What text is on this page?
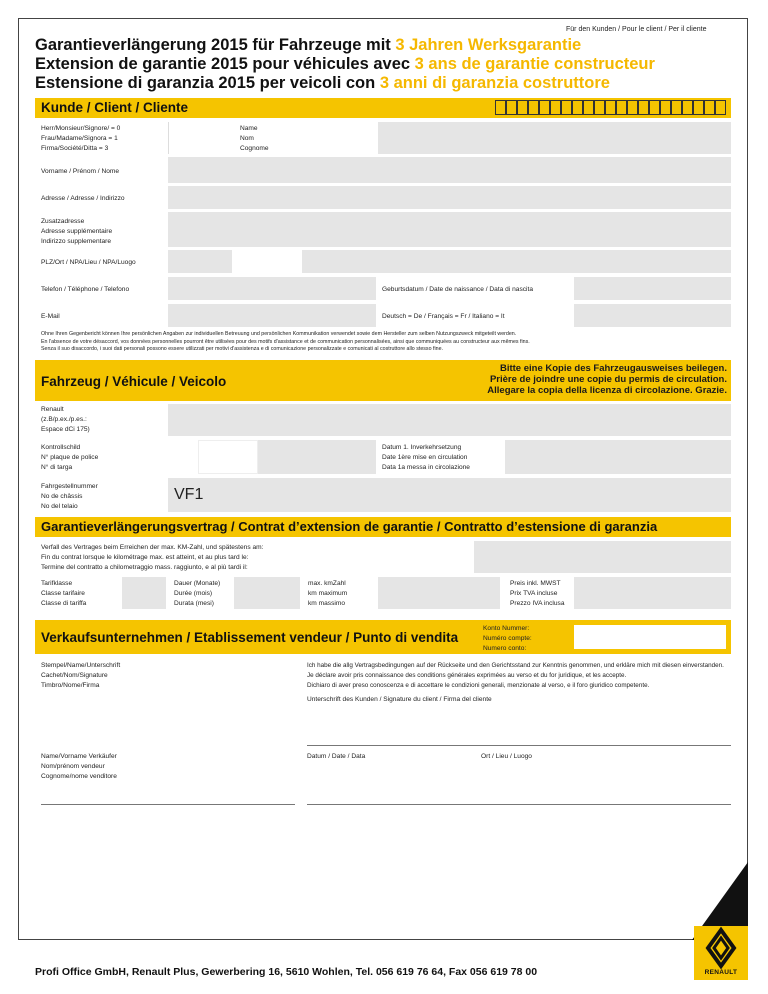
Für den Kunden / Pour le client / Per il cliente
Garantieverlängerung 2015 für Fahrzeuge mit 3 Jahren Werksgarantie
Extension de garantie 2015 pour véhicules avec 3 ans de garantie constructeur
Estensione di garanzia 2015 per veicoli con 3 anni di garanzia costruttore
Kunde / Client / Cliente
Herr/Monsieur/Signore/ = 0
Frau/Madame/Signora = 1
Firma/Société/Ditta = 3
Name
Nom
Cognome
Vorname / Prénom / Nome
Adresse / Adresse / Indirizzo
Zusatzadresse
Adresse supplémentaire
Indirizzo supplementare
PLZ/Ort / NPA/Lieu / NPA/Luogo
Telefon / Téléphone / Telefono	Geburtsdatum / Date de naissance / Data di nascita
E-Mail	Deutsch = De / Français = Fr / Italiano = It
Ohne Ihren Gegenbericht können Ihre persönlichen Angaben zur individuellen Betreuung und persönlichen Kommunikation verwendet sowie dem Hersteller zum selben Nutzungszweck mitgeteilt werden.
En l'absence de votre désaccord, vos données personnelles pourront être utilisées pour des motifs d'assistance et de communication personnalisées, ainsi que communiquées au constructeur aux mêmes fins.
Senza il suo disaccordo, i suoi dati personali possono essere utilizzati per motivi d'assistenza e di comunicazione personalizzate e comunicati al costruttore allo stesso fine.
Fahrzeug / Véhicule / Veicolo
Bitte eine Kopie des Fahrzeugausweises beilegen.
Prière de joindre une copie du permis de circulation.
Allegare la copia della licenza di circolazione. Grazie.
Renault
(z.B/p.ex./p.es.:
Espace dCi 175)
Kontrollschild
N° plaque de police
N° di targa
Datum 1. Inverkehrsetzung
Date 1ère mise en circulation
Data 1a messa in circolazione
Fahrgestellnummer
No de châssis
No del telaio
VF1
Garantieverlängerungsvertrag / Contrat d’extension de garantie / Contratto d’estensione di garanzia
Verfall des Vertrages beim Erreichen der max. KM-Zahl, und spätestens am:
Fin du contrat lorsque le kilométrage max. est atteint, et au plus tard le:
Termine del contratto a chilometraggio mass. raggiunto, e al più tardi il:
Tarifklasse
Classe tarifaire
Classe di tariffa
Dauer (Monate)
Durée (mois)
Durata (mesi)
max. kmZahl
km maximum
km massimo
Preis inkl. MWST
Prix TVA incluse
Prezzo IVA inclusa
Verkaufsunternehmen / Etablissement vendeur / Punto di vendita
Konto Nummer:
Numéro compte:
Numero conto:
Stempel/Name/Unterschrift
Cachet/Nom/Signature
Timbro/Nome/Firma
Ich habe die allg Vertragsbedingungen auf der Rückseite und den Gerichtsstand zur Kenntnis genommen, und erkläre mich mit diesen einverstanden.
Je déclare avoir pris connaissance des conditions générales exprimées au verso et du for juridique, et les accepte.
Dichiaro di aver preso conoscenza e di accettare le condizioni generali, menzionate al verso, e il foro giuridico competente.
Unterschrift des Kunden / Signature du client / Firma del cliente
Name/Vorname Verkäufer
Nom/prénom vendeur
Cognome/nome venditore
Datum / Date / Data	Ort / Lieu / Luogo
Profi Office GmbH, Renault Plus, Gewerbering 16, 5610 Wohlen, Tel. 056 619 76 64, Fax 056 619 78 00	RENAULT
